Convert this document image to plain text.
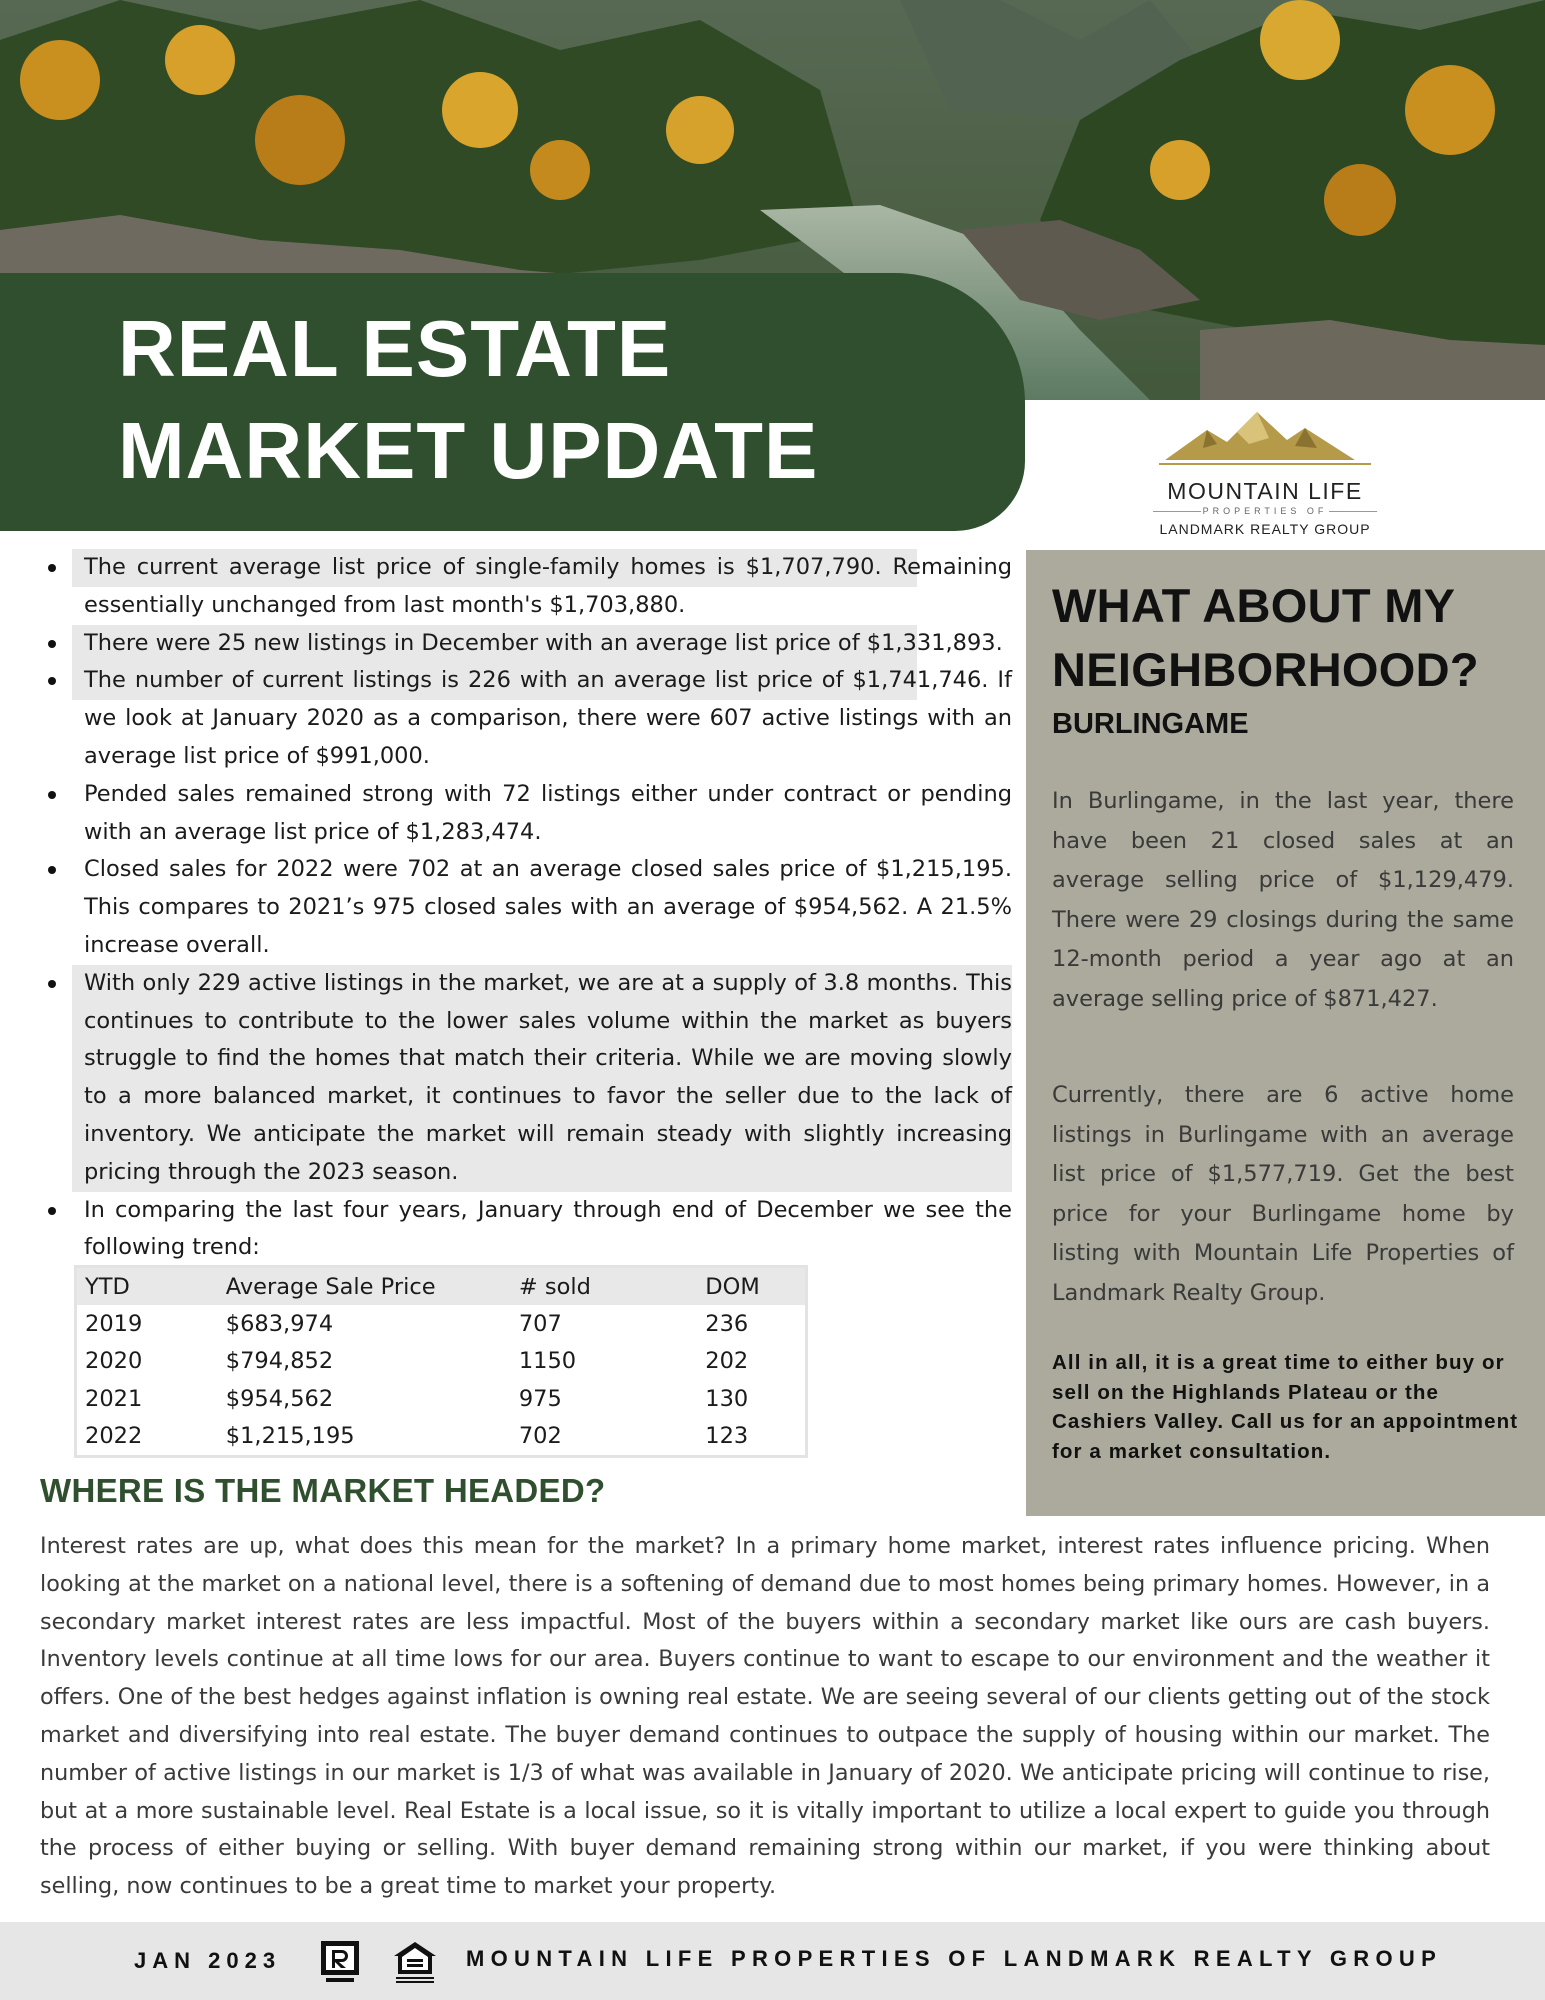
REAL ESTATE
MARKET UPDATE	MOUNTAIN LIFE
PROPERTIES OF
LANDMARK REALTY GROUP
The current average list price of single-family homes is $1,707,790. Remaining essentially unchanged from last month's $1,703,880.
There were 25 new listings in December with an average list price of $1,331,893.
The number of current listings is 226 with an average list price of $1,741,746. If we look at January 2020 as a comparison, there were 607 active listings with an average list price of $991,000.
Pended sales remained strong with 72 listings either under contract or pending with an average list price of $1,283,474.
Closed sales for 2022 were 702 at an average closed sales price of $1,215,195. This compares to 2021’s 975 closed sales with an average of $954,562. A 21.5% increase overall.
With only 229 active listings in the market, we are at a supply of 3.8 months. This continues to contribute to the lower sales volume within the market as buyers struggle to find the homes that match their criteria. While we are moving slowly to a more balanced market, it continues to favor the seller due to the lack of inventory. We anticipate the market will remain steady with slightly increasing pricing through the 2023 season.
In comparing the last four years, January through end of December we see the following trend:
YTD	Average Sale Price	# sold	DOM
2019	$683,974	707	236
2020	$794,852	1150	202
2021	$954,562	975	130
2022	$1,215,195	702	123
WHERE IS THE MARKET HEADED?
Interest rates are up, what does this mean for the market? In a primary home market, interest rates influence pricing. When looking at the market on a national level, there is a softening of demand due to most homes being primary homes. However, in a secondary market interest rates are less impactful. Most of the buyers within a secondary market like ours are cash buyers. Inventory levels continue at all time lows for our area. Buyers continue to want to escape to our environment and the weather it offers. One of the best hedges against inflation is owning real estate. We are seeing several of our clients getting out of the stock market and diversifying into real estate. The buyer demand continues to outpace the supply of housing within our market. The number of active listings in our market is 1/3 of what was available in January of 2020. We anticipate pricing will continue to rise, but at a more sustainable level. Real Estate is a local issue, so it is vitally important to utilize a local expert to guide you through the process of either buying or selling. With buyer demand remaining strong within our market, if you were thinking about selling, now continues to be a great time to market your property.
WHAT ABOUT MY NEIGHBORHOOD?
BURLINGAME
In Burlingame, in the last year, there have been 21 closed sales at an average selling price of $1,129,479. There were 29 closings during the same 12-month period a year ago at an average selling price of $871,427.
Currently, there are 6 active home listings in Burlingame with an average list price of $1,577,719. Get the best price for your Burlingame home by listing with Mountain Life Properties of Landmark Realty Group.
All in all, it is a great time to either buy or sell on the Highlands Plateau or the Cashiers Valley. Call us for an appointment for a market consultation.
JAN 2023	MOUNTAIN LIFE PROPERTIES OF LANDMARK REALTY GROUP
